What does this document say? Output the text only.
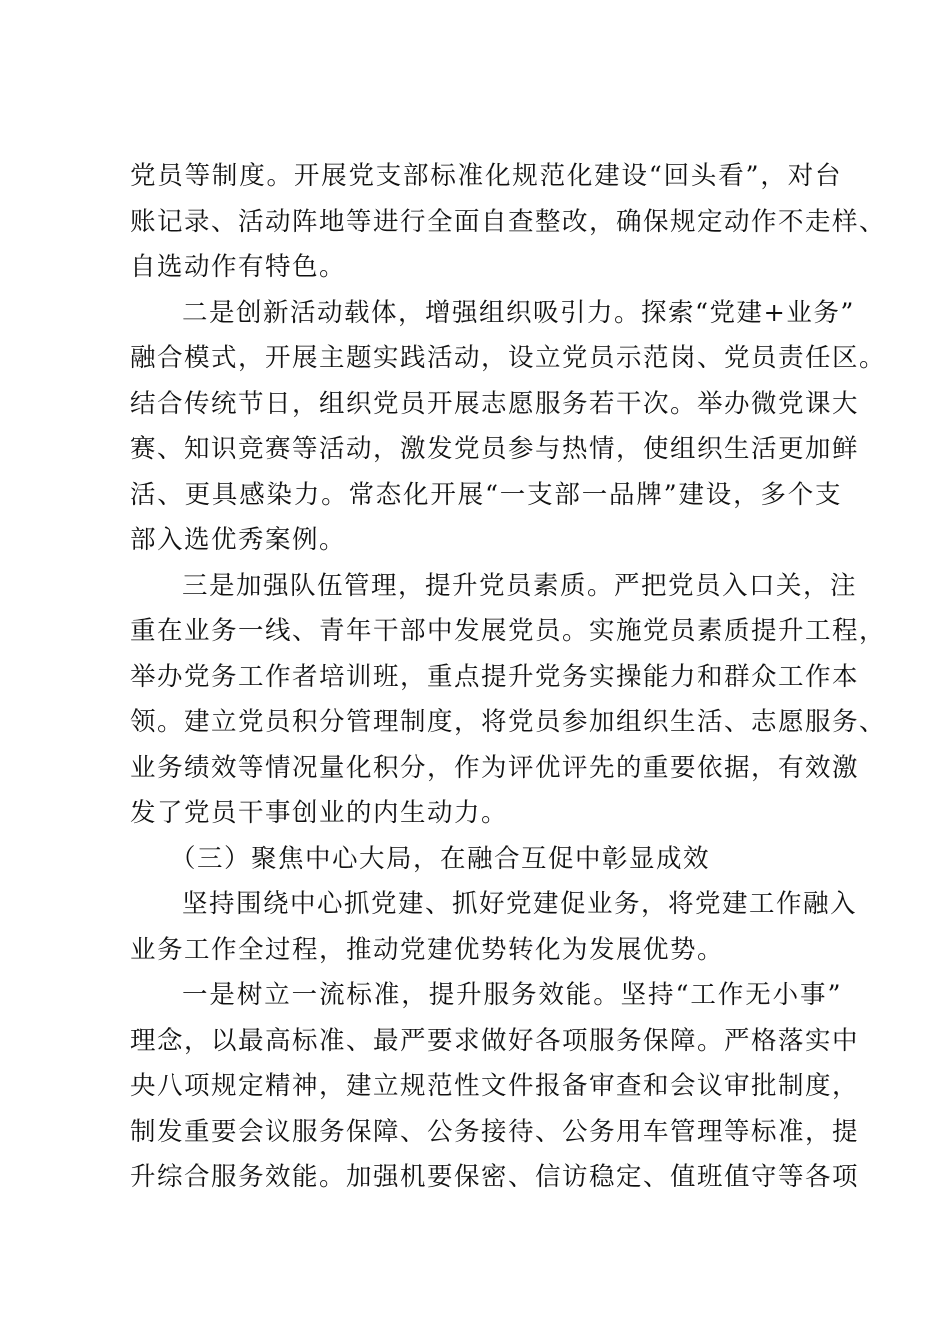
党员等制度。开展党支部标准化规范化建设“回头看”，对台
账记录、活动阵地等进行全面自查整改，确保规定动作不走样、
自选动作有特色。

二是创新活动载体，增强组织吸引力。探索“党建+业务”
融合模式，开展主题实践活动，设立党员示范岗、党员责任区。
结合传统节日，组织党员开展志愿服务若干次。举办微党课大
赛、知识竞赛等活动，激发党员参与热情，使组织生活更加鲜
活、更具感染力。常态化开展“一支部一品牌”建设，多个支
部入选优秀案例。

三是加强队伍管理，提升党员素质。严把党员入口关，注
重在业务一线、青年干部中发展党员。实施党员素质提升工程，
举办党务工作者培训班，重点提升党务实操能力和群众工作本
领。建立党员积分管理制度，将党员参加组织生活、志愿服务、
业务绩效等情况量化积分，作为评优评先的重要依据，有效激
发了党员干事创业的内生动力。

（三）聚焦中心大局，在融合互促中彰显成效

坚持围绕中心抓党建、抓好党建促业务，将党建工作融入
业务工作全过程，推动党建优势转化为发展优势。

一是树立一流标准，提升服务效能。坚持“工作无小事”
理念，以最高标准、最严要求做好各项服务保障。严格落实中
央八项规定精神，建立规范性文件报备审查和会议审批制度，
制发重要会议服务保障、公务接待、公务用车管理等标准，提
升综合服务效能。加强机要保密、信访稳定、值班值守等各项
